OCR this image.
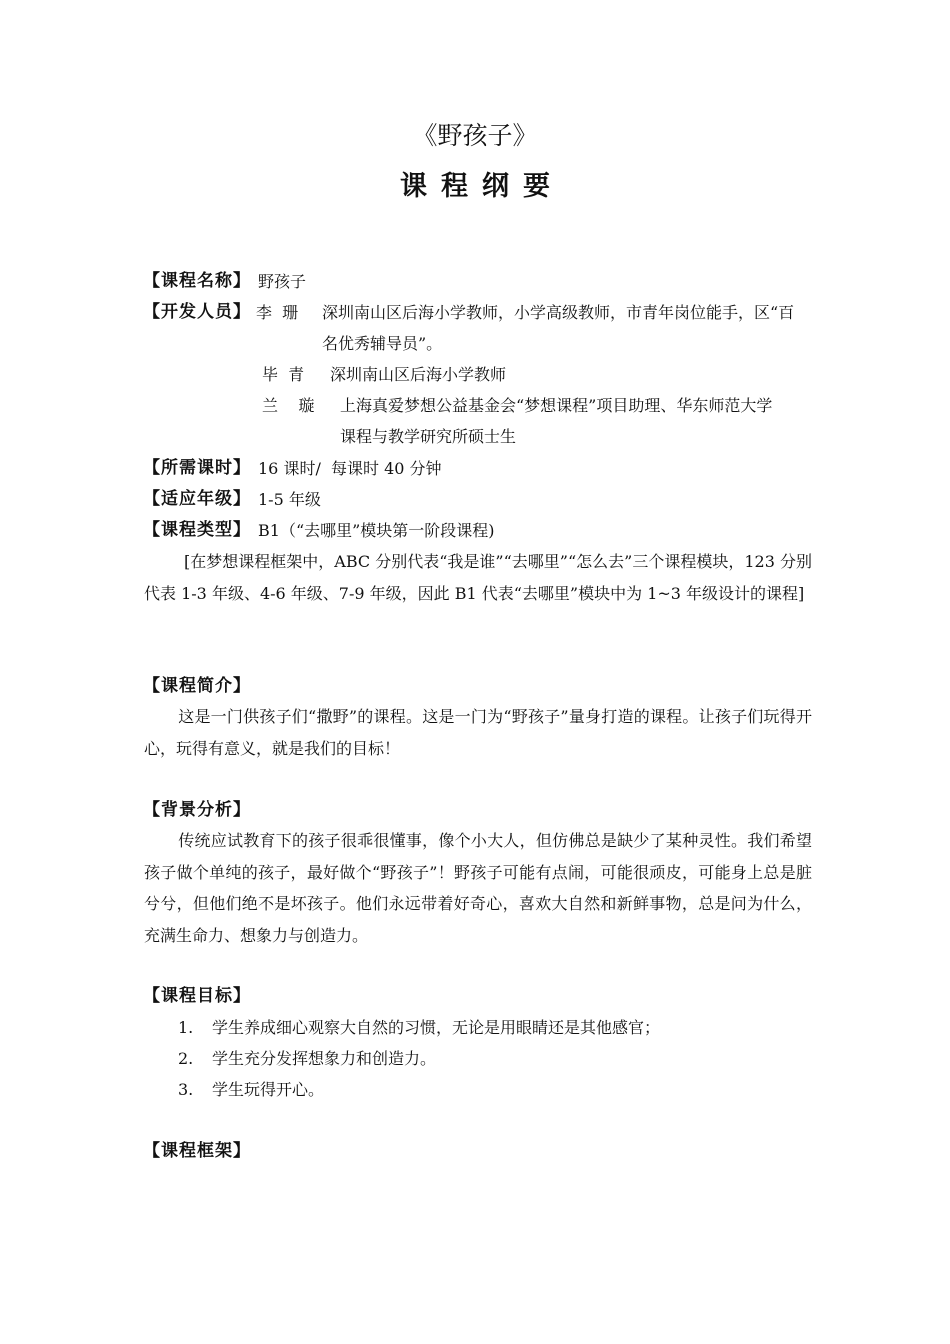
《野孩子》
课程纲要
【课程名称】 野孩子
【开发人员】 李  珊 深圳南山区后海小学教师，小学高级教师，市青年岗位能手，区“百
名优秀辅导员”。
毕  青 深圳南山区后海小学教师
兰    璇 上海真爱梦想公益基金会“梦想课程”项目助理、华东师范大学
课程与教学研究所硕士生
【所需课时】 16 课时/  每课时 40 分钟
【适应年级】 1-5 年级
【课程类型】 B1（“去哪里”模块第一阶段课程)
[在梦想课程框架中，ABC 分别代表“我是谁”“去哪里”“怎么去”三个课程模块，123 分别代表 1-3 年级、4-6 年级、7-9 年级，因此 B1 代表“去哪里”模块中为 1~3 年级设计的课程]
【课程简介】
这是一门供孩子们“撒野”的课程。这是一门为“野孩子”量身打造的课程。让孩子们玩得开心，玩得有意义，就是我们的目标！
【背景分析】
传统应试教育下的孩子很乖很懂事，像个小大人，但仿佛总是缺少了某种灵性。我们希望孩子做个单纯的孩子，最好做个“野孩子”！野孩子可能有点闹，可能很顽皮，可能身上总是脏兮兮，但他们绝不是坏孩子。他们永远带着好奇心，喜欢大自然和新鲜事物，总是问为什么，充满生命力、想象力与创造力。
【课程目标】
1. 学生养成细心观察大自然的习惯，无论是用眼睛还是其他感官；
2. 学生充分发挥想象力和创造力。
3. 学生玩得开心。
【课程框架】
